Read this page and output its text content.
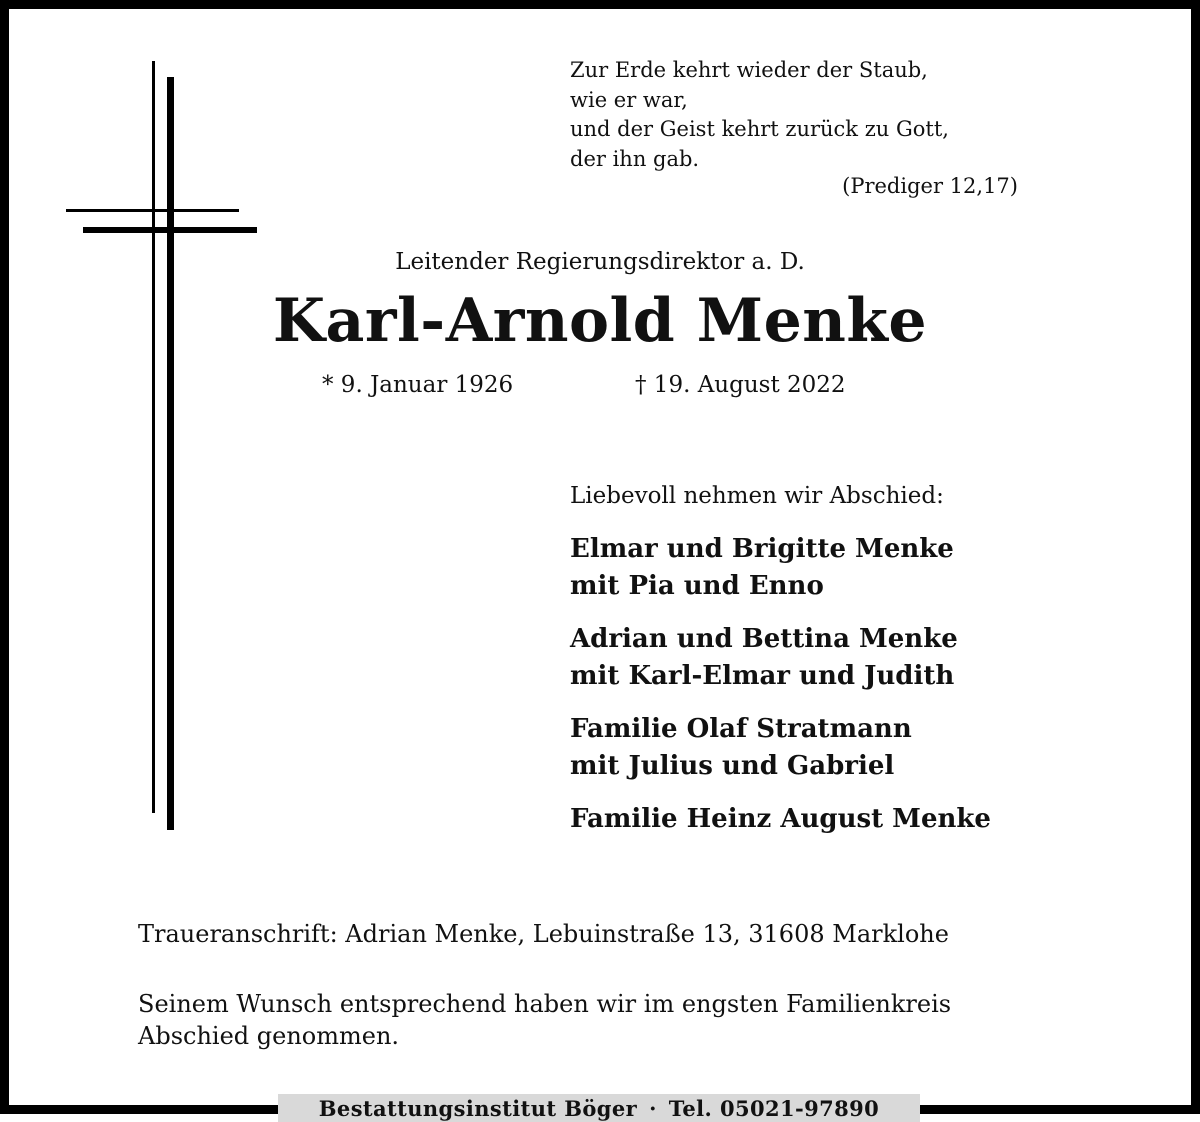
Zur Erde kehrt wieder der Staub,
wie er war,
und der Geist kehrt zurück zu Gott,
der ihn gab.
(Prediger 12,17)
Leitender Regierungsdirektor a. D.
Karl-Arnold Menke
* 9. Januar 1926	† 19. August 2022
Liebevoll nehmen wir Abschied:
Elmar und Brigitte Menke
mit Pia und Enno
Adrian und Bettina Menke
mit Karl-Elmar und Judith
Familie Olaf Stratmann
mit Julius und Gabriel
Familie Heinz August Menke
Traueranschrift: Adrian Menke, Lebuinstraße 13, 31608 Marklohe
Seinem Wunsch entsprechend haben wir im engsten Familienkreis
Abschied genommen.
Bestattungsinstitut Böger · Tel. 05021-97890
